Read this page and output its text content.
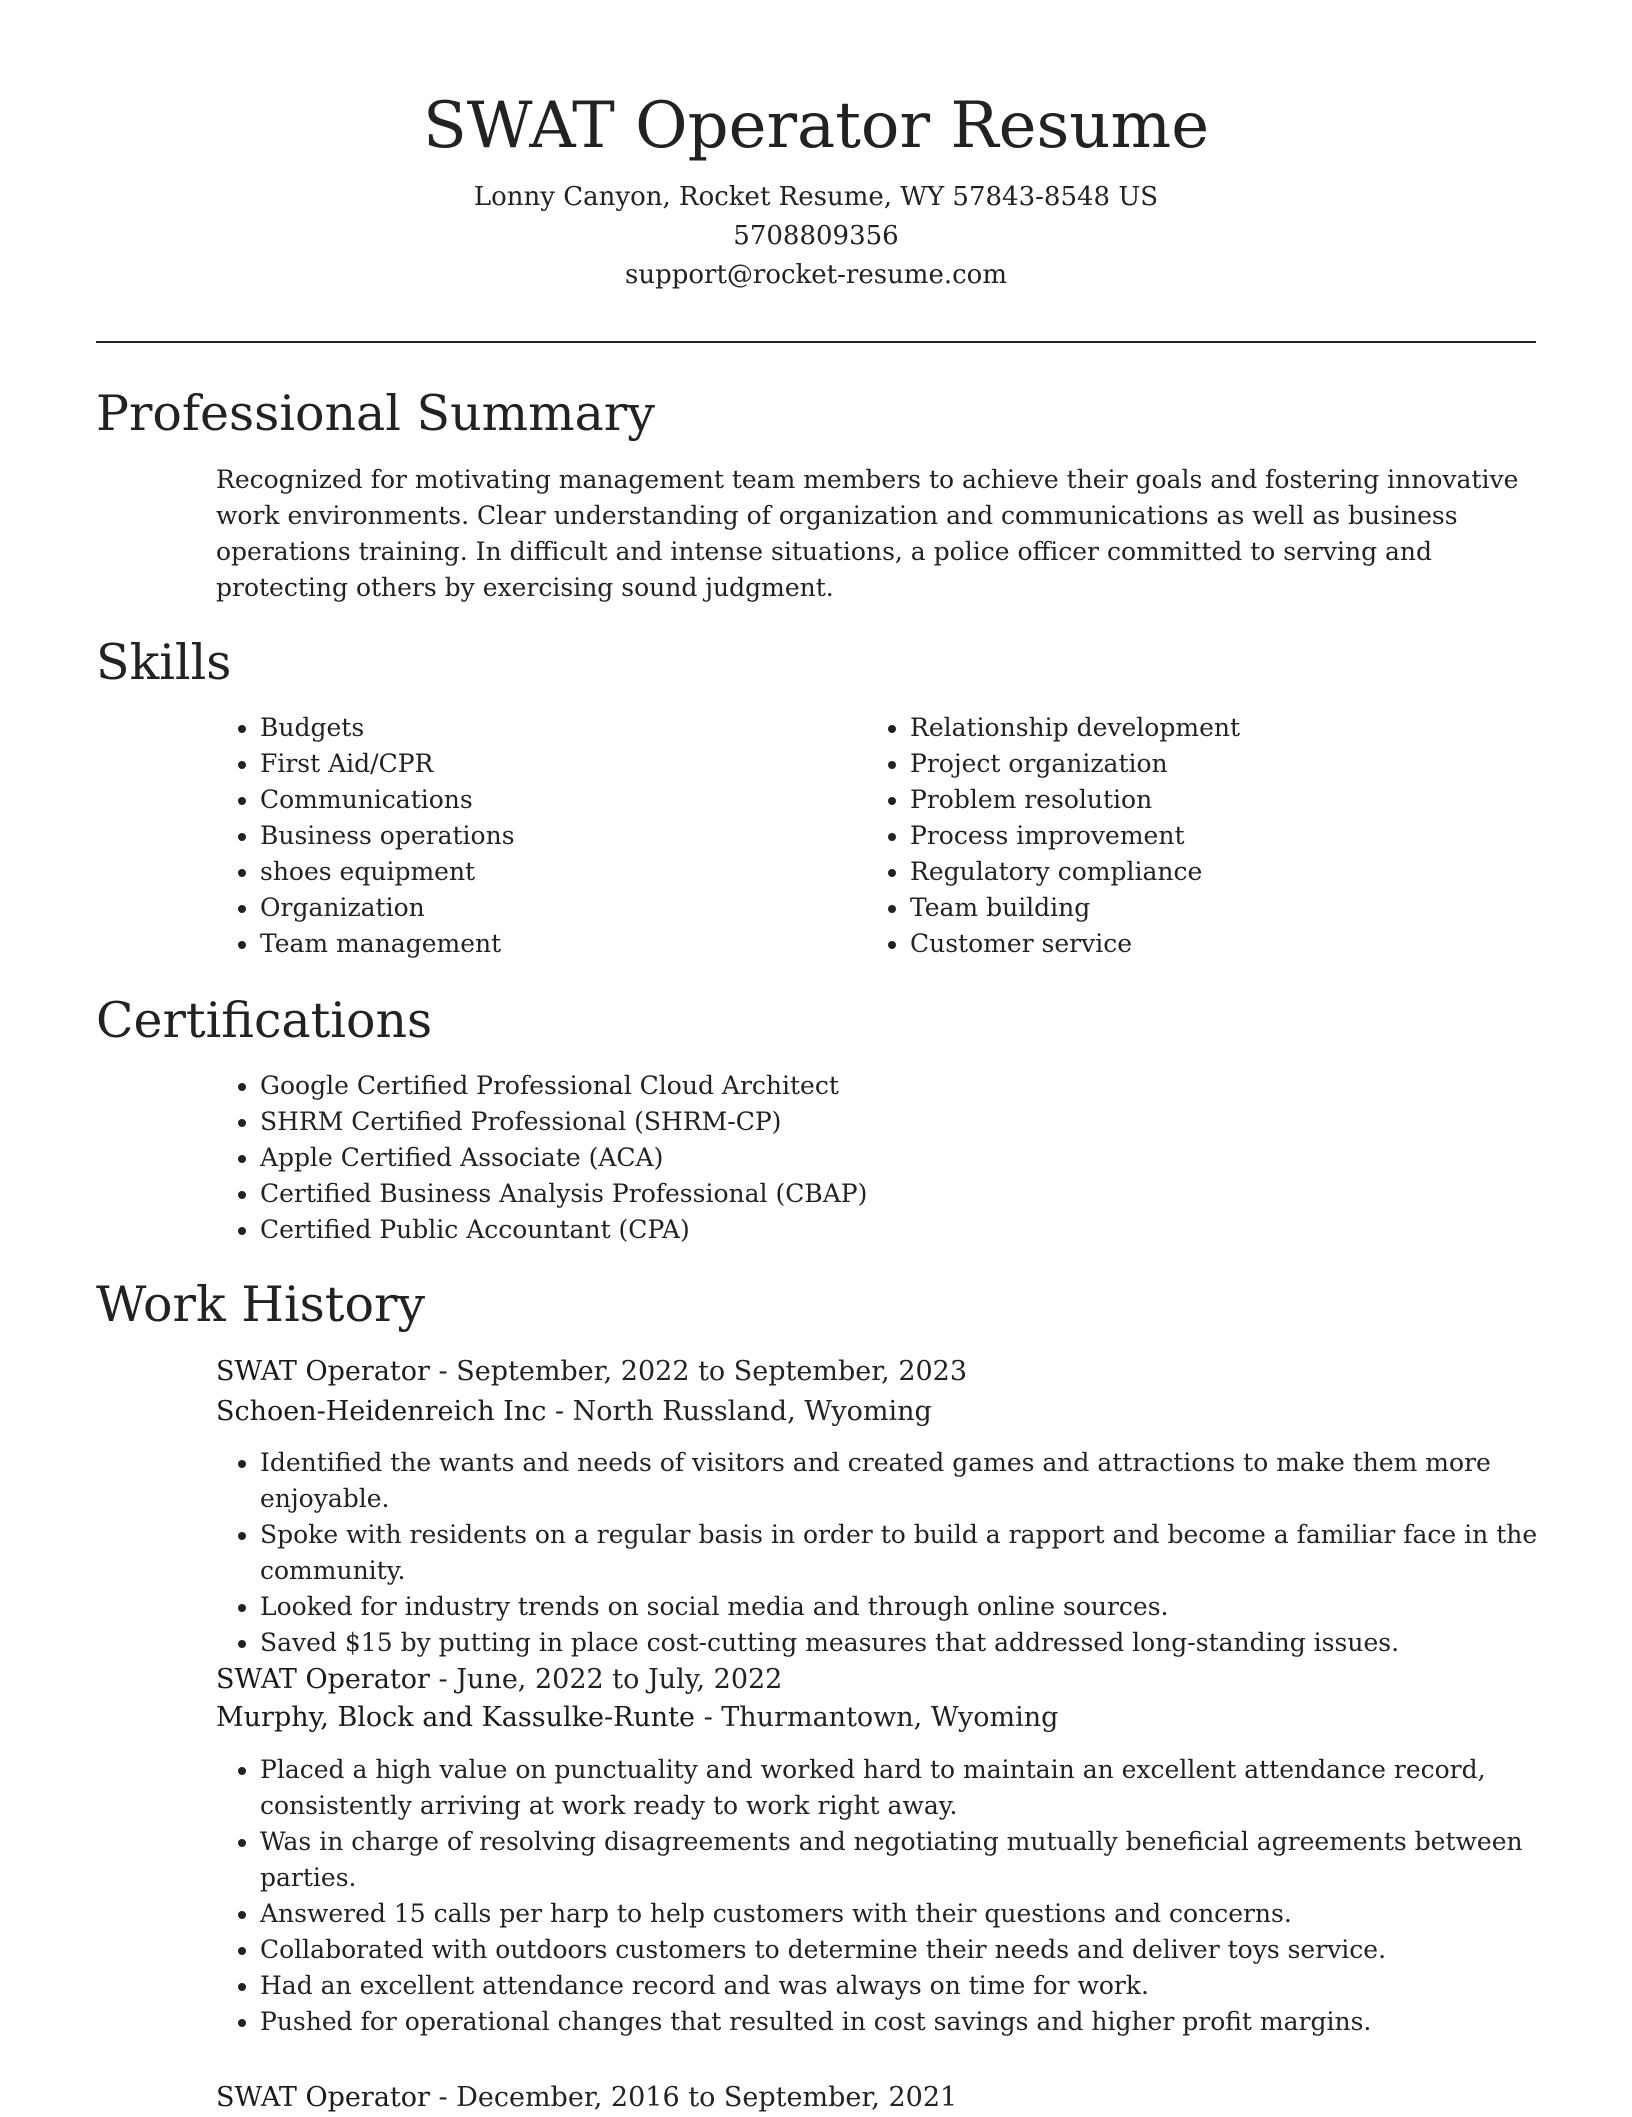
SWAT Operator Resume
Lonny Canyon, Rocket Resume, WY 57843-8548 US
5708809356
support@rocket-resume.com
Professional Summary

Recognized for motivating management team members to achieve their goals and fostering innovative work environments. Clear understanding of organization and communications as well as business operations training. In difficult and intense situations, a police officer committed to serving and protecting others by exercising sound judgment.

Skills
• Budgets
• First Aid/CPR
• Communications
• Business operations
• shoes equipment
• Organization
• Team management
• Relationship development
• Project organization
• Problem resolution
• Process improvement
• Regulatory compliance
• Team building
• Customer service
Certifications
• Google Certified Professional Cloud Architect
• SHRM Certified Professional (SHRM-CP)
• Apple Certified Associate (ACA)
• Certified Business Analysis Professional (CBAP)
• Certified Public Accountant (CPA)
Work History
SWAT Operator - September, 2022 to September, 2023
Schoen-Heidenreich Inc - North Russland, Wyoming
• Identified the wants and needs of visitors and created games and attractions to make them more enjoyable.
• Spoke with residents on a regular basis in order to build a rapport and become a familiar face in the community.
• Looked for industry trends on social media and through online sources.
• Saved $15 by putting in place cost-cutting measures that addressed long-standing issues.
SWAT Operator - June, 2022 to July, 2022
Murphy, Block and Kassulke-Runte - Thurmantown, Wyoming
• Placed a high value on punctuality and worked hard to maintain an excellent attendance record, consistently arriving at work ready to work right away.
• Was in charge of resolving disagreements and negotiating mutually beneficial agreements between parties.
• Answered 15 calls per harp to help customers with their questions and concerns.
• Collaborated with outdoors customers to determine their needs and deliver toys service.
• Had an excellent attendance record and was always on time for work.
• Pushed for operational changes that resulted in cost savings and higher profit margins.
SWAT Operator - December, 2016 to September, 2021
